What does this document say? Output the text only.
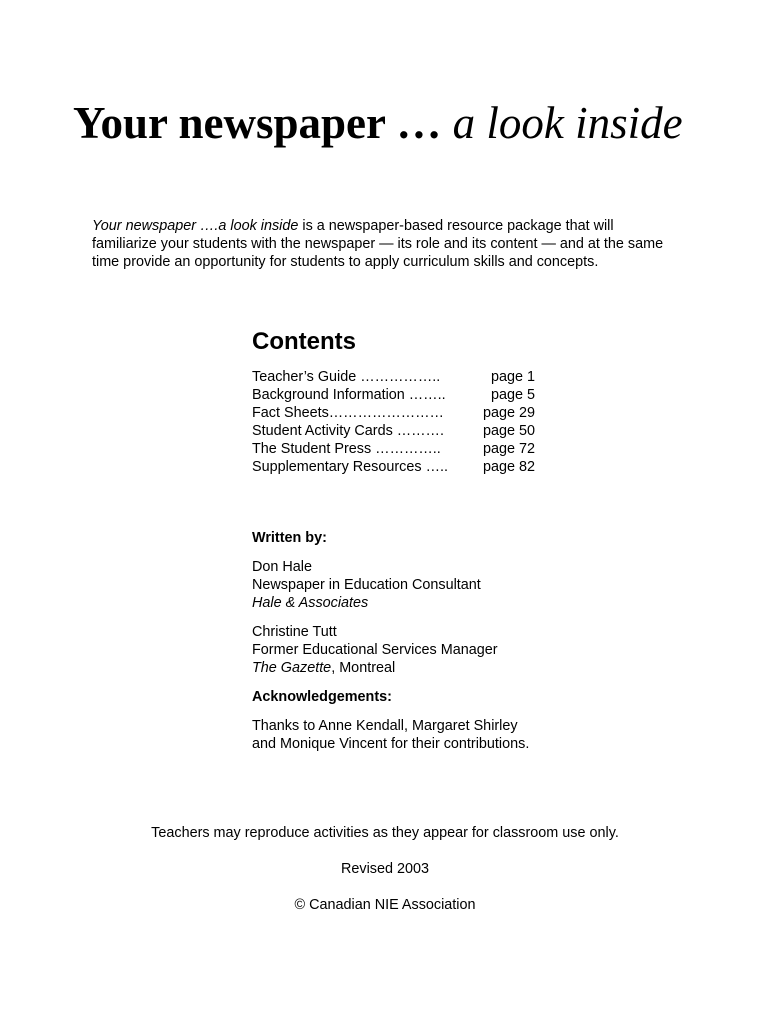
Your newspaper … a look inside

Your newspaper ….a look inside is a newspaper-based resource package that will
familiarize your students with the newspaper — its role and its content — and at the same
time provide an opportunity for students to apply curriculum skills and concepts.

Contents
Teacher’s Guide ……………..	page 1
Background Information ……..	page 5
Fact Sheets……………………	page 29
Student Activity Cards ……….	page 50
The Student Press …………..	page 72
Supplementary Resources …..	page 82
Written by:
Don Hale
Newspaper in Education Consultant
Hale & Associates
Christine Tutt
Former Educational Services Manager
The Gazette, Montreal
Acknowledgements:
Thanks to Anne Kendall, Margaret Shirley
and Monique Vincent for their contributions.
Teachers may reproduce activities as they appear for classroom use only.
Revised 2003
© Canadian NIE Association
